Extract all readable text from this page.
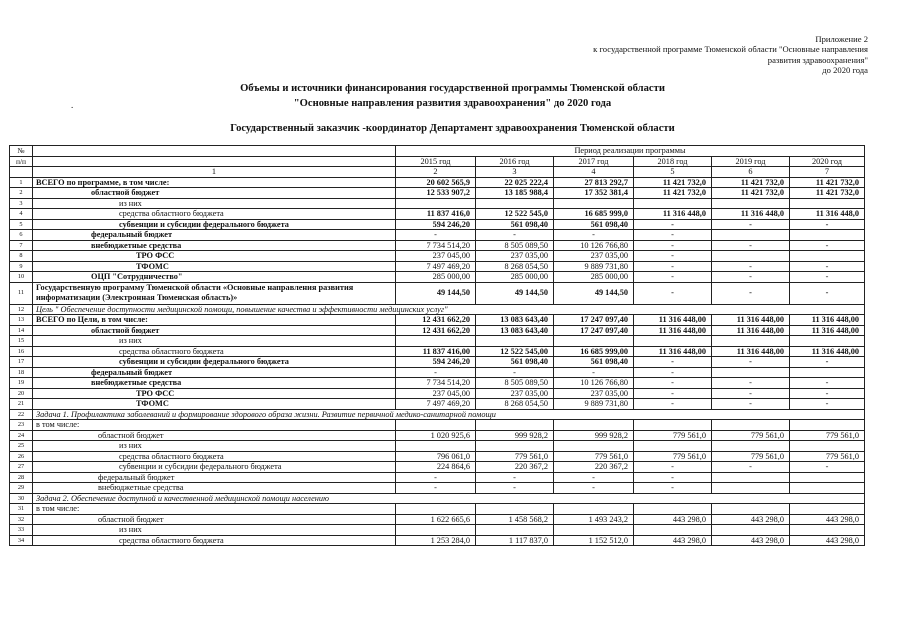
Приложение 2
к государственной программе Тюменской области "Основные направления
развития здравоохранения"
до 2020 года
Объемы и источники финансирования государственной программы Тюменской области
"Основные направления развития здравоохранения" до 2020 года
.
Государственный заказчик -координатор Департамент здравоохранения Тюменской области
№		Период реализации программы					
п/п		2015 год	2016 год	2017 год	2018 год	2019 год	2020 год
	1	2	3	4	5	6	7
1	ВСЕГО по программе, в том числе:	20 602 565,9	22 025 222,4	27 813 292,7	11 421 732,0	11 421 732,0	11 421 732,0
2	областной бюджет	12 533 907,2	13 185 988,4	17 352 381,4	11 421 732,0	11 421 732,0	11 421 732,0
3	из них						
4	средства областного бюджета	11 837 416,0	12 522 545,0	16 685 999,0	11 316 448,0	11 316 448,0	11 316 448,0
5	субвенции и субсидии федерального бюджета	594 246,20	561 098,40	561 098,40	-	-	-
6	федеральный бюджет	-	-	-	-		
7	внебюджетные средства	7 734 514,20	8 505 089,50	10 126 766,80	-	-	-
8	ТРО ФСС	237 045,00	237 035,00	237 035,00	-		
9	ТФОМС	7 497 469,20	8 268 054,50	9 889 731,80	-	-	-
10	ОЦП "Сотрудничество"	285 000,00	285 000,00	285 000,00	-	-	-
11	Государственную программу Тюменской области «Основные направления развития информатизации (Электронная Тюменская область)»	49 144,50	49 144,50	49 144,50	-	-	-
12	Цель " Обеспечение доступности медицинской помощи, повышение качества и эффективности медицинских услуг"						
13	ВСЕГО по Цели, в том числе:	12 431 662,20	13 083 643,40	17 247 097,40	11 316 448,00	11 316 448,00	11 316 448,00
14	областной бюджет	12 431 662,20	13 083 643,40	17 247 097,40	11 316 448,00	11 316 448,00	11 316 448,00
15	из них						
16	средства областного бюджета	11 837 416,00	12 522 545,00	16 685 999,00	11 316 448,00	11 316 448,00	11 316 448,00
17	субвенции и субсидии федерального бюджета	594 246,20	561 098,40	561 098,40	-	-	-
18	федеральный бюджет	-	-	-	-		
19	внебюджетные средства	7 734 514,20	8 505 089,50	10 126 766,80	-	-	-
20	ТРО ФСС	237 045,00	237 035,00	237 035,00	-	-	-
21	ТФОМС	7 497 469,20	8 268 054,50	9 889 731,80	-	-	-
22	Задача 1. Профилактика заболеваний и формирование здорового образа жизни. Развитие первичной медико-санитарной помощи						
23	в том числе:						
24	областной бюджет	1 020 925,6	999 928,2	999 928,2	779 561,0	779 561,0	779 561,0
25	из них						
26	средства областного бюджета	796 061,0	779 561,0	779 561,0	779 561,0	779 561,0	779 561,0
27	субвенции и субсидии федерального бюджета	224 864,6	220 367,2	220 367,2	-	-	-
28	федеральный бюджет	-	-	-	-		
29	внебюджетные средства	-	-	-	-		
30	Задача 2. Обеспечение доступной и качественной медицинской помощи населению						
31	в том числе:						
32	областной бюджет	1 622 665,6	1 458 568,2	1 493 243,2	443 298,0	443 298,0	443 298,0
33	из них						
34	средства областного бюджета	1 253 284,0	1 117 837,0	1 152 512,0	443 298,0	443 298,0	443 298,0
